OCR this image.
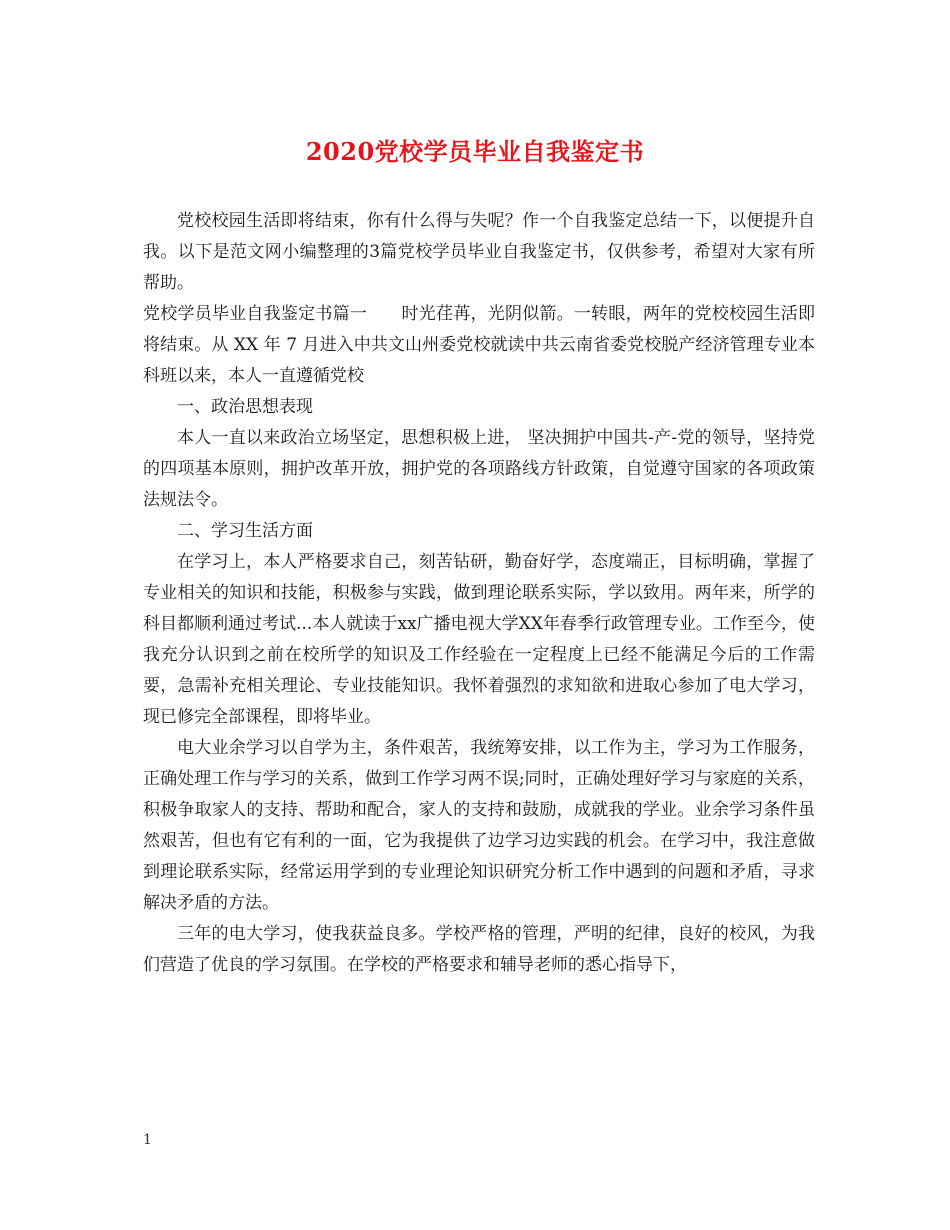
2020党校学员毕业自我鉴定书

党校校园生活即将结束，你有什么得与失呢？作一个自我鉴定总结一下，以便提升自我。以下是范文网小编整理的3篇党校学员毕业自我鉴定书，仅供参考，希望对大家有所帮助。

党校学员毕业自我鉴定书篇一　　时光荏苒，光阴似箭。一转眼，两年的党校校园生活即将结束。从 XX 年 7 月进入中共文山州委党校就读中共云南省委党校脱产经济管理专业本科班以来，本人一直遵循党校

一、政治思想表现

本人一直以来政治立场坚定，思想积极上进， 坚决拥护中国共-产-党的领导，坚持党的四项基本原则，拥护改革开放，拥护党的各项路线方针政策，自觉遵守国家的各项政策法规法令。

二、学习生活方面

在学习上，本人严格要求自己，刻苦钻研，勤奋好学，态度端正，目标明确，掌握了专业相关的知识和技能，积极参与实践，做到理论联系实际，学以致用。两年来，所学的科目都顺利通过考试...本人就读于xx广播电视大学XX年春季行政管理专业。工作至今，使我充分认识到之前在校所学的知识及工作经验在一定程度上已经不能满足今后的工作需要，急需补充相关理论、专业技能知识。我怀着强烈的求知欲和进取心参加了电大学习，现已修完全部课程，即将毕业。

电大业余学习以自学为主，条件艰苦，我统筹安排，以工作为主，学习为工作服务，正确处理工作与学习的关系，做到工作学习两不误;同时，正确处理好学习与家庭的关系，积极争取家人的支持、帮助和配合，家人的支持和鼓励，成就我的学业。业余学习条件虽然艰苦，但也有它有利的一面，它为我提供了边学习边实践的机会。在学习中，我注意做到理论联系实际，经常运用学到的专业理论知识研究分析工作中遇到的问题和矛盾，寻求解决矛盾的方法。

三年的电大学习，使我获益良多。学校严格的管理，严明的纪律，良好的校风，为我们营造了优良的学习氛围。在学校的严格要求和辅导老师的悉心指导下，

1
